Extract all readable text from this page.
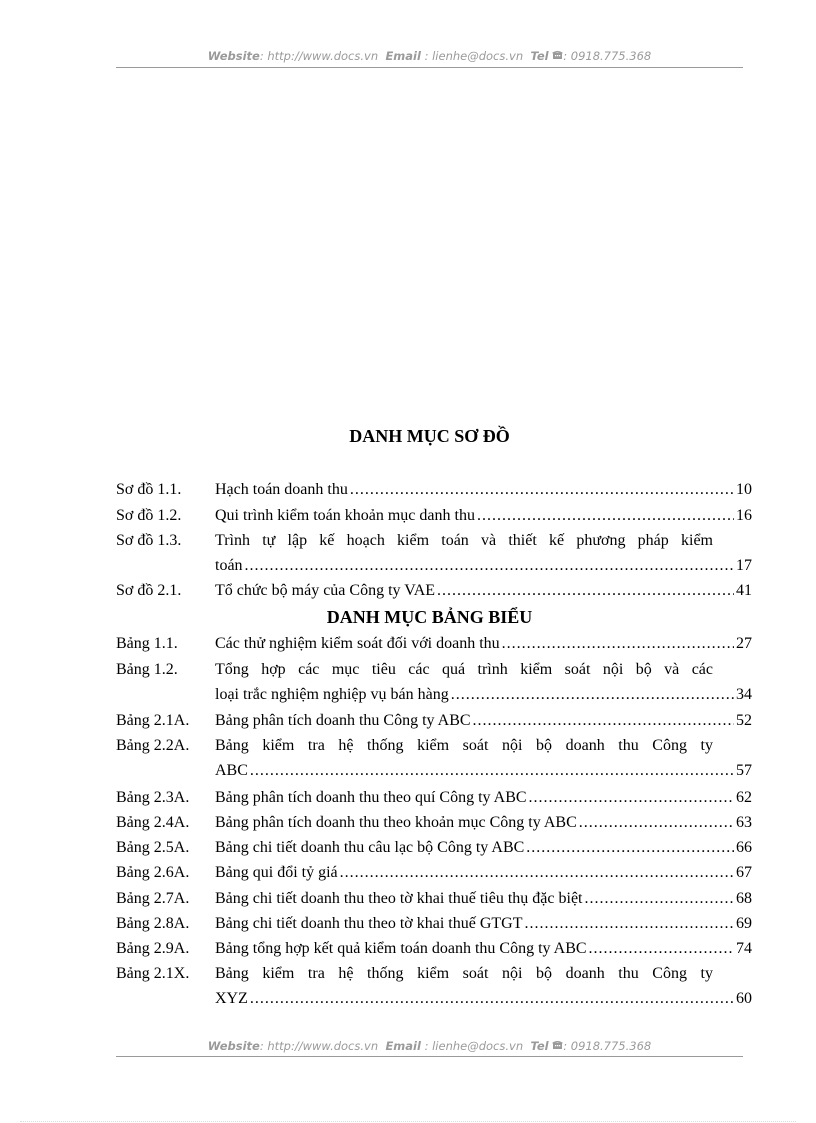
Website: http://www.docs.vn Email : lienhe@docs.vn Tel : 0918.775.368
DANH MỤC SƠ ĐỒ
Sơ đồ 1.1. Hạch toán doanh thu .....	10
Sơ đồ 1.2. Qui trình kiểm toán khoản mục danh thu .....	16
Sơ đồ 1.3. Trình tự lập kế hoạch kiểm toán và thiết kế phương pháp kiểm
toán .....	17
Sơ đồ 2.1. Tổ chức bộ máy của Công ty VAE .....	41
DANH MỤC BẢNG BIỂU
Bảng 1.1. Các thử nghiệm kiểm soát đối với doanh thu .....	27
Bảng 1.2. Tổng hợp các mục tiêu các quá trình kiểm soát nội bộ và các
loại trắc nghiệm nghiệp vụ bán hàng .....	34
Bảng 2.1A. Bảng phân tích doanh thu Công ty ABC .....	52
Bảng 2.2A. Bảng kiểm tra hệ thống kiểm soát nội bộ doanh thu Công ty
ABC .....	57
Bảng 2.3A. Bảng phân tích doanh thu theo quí Công ty ABC .....	62
Bảng 2.4A. Bảng phân tích doanh thu theo khoản mục Công ty ABC .....	63
Bảng 2.5A. Bảng chi tiết doanh thu câu lạc bộ Công ty ABC .....	66
Bảng 2.6A. Bảng qui đổi tỷ giá .....	67
Bảng 2.7A. Bảng chi tiết doanh thu theo tờ khai thuế tiêu thụ đặc biệt .....	68
Bảng 2.8A. Bảng chi tiết doanh thu theo tờ khai thuế GTGT .....	69
Bảng 2.9A. Bảng tổng hợp kết quả kiểm toán doanh thu Công ty ABC .....	74
Bảng 2.1X. Bảng kiểm tra hệ thống kiểm soát nội bộ doanh thu Công ty
XYZ .....	60
Website: http://www.docs.vn Email : lienhe@docs.vn Tel : 0918.775.368
